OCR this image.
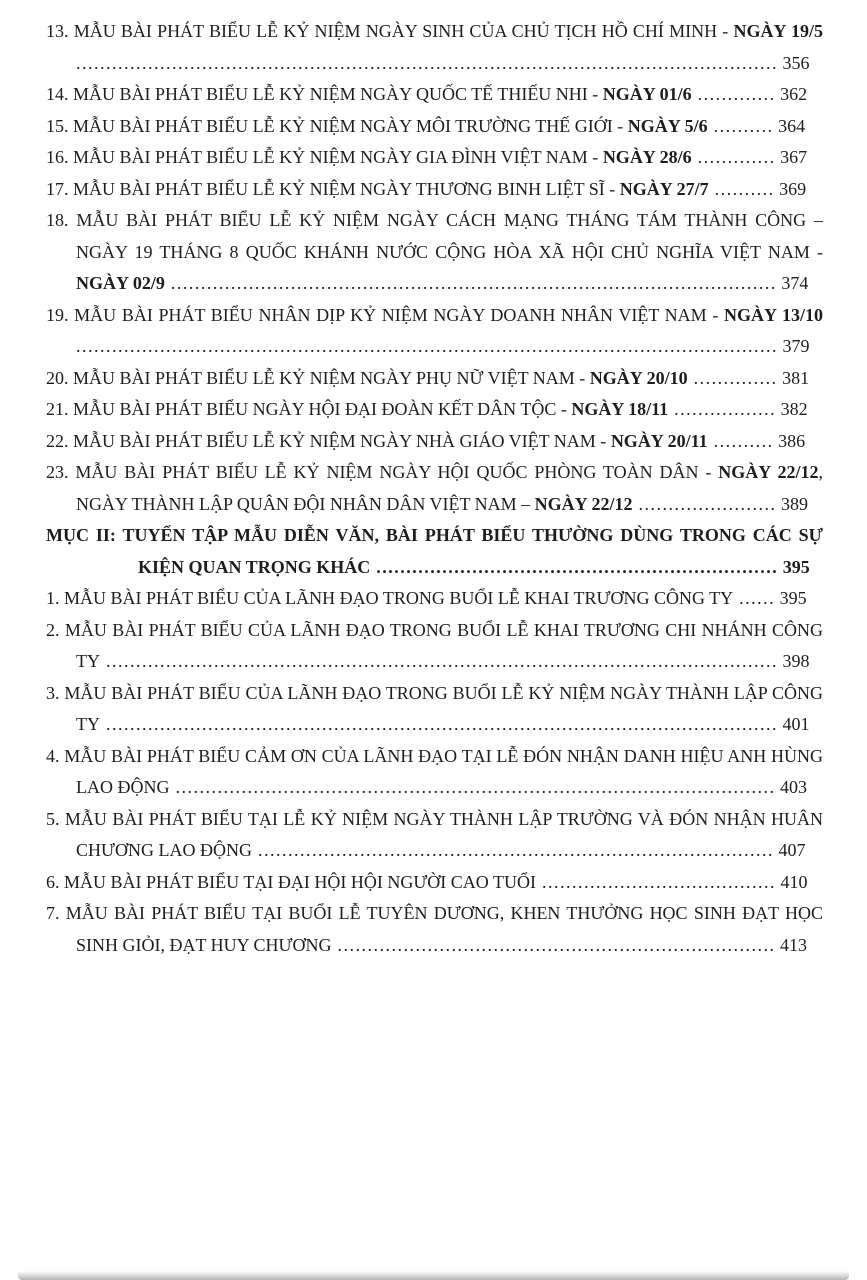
13. MẪU BÀI PHÁT BIỂU LỄ KỶ NIỆM NGÀY SINH CỦA CHỦ TỊCH HỒ CHÍ MINH - NGÀY 19/5 ..................................................................................................................... 356
14. MẪU BÀI PHÁT BIỂU LỄ KỶ NIỆM NGÀY QUỐC TẾ THIẾU NHI - NGÀY 01/6 ............. 362
15. MẪU BÀI PHÁT BIỂU LỄ KỶ NIỆM NGÀY MÔI TRƯỜNG THẾ GIỚI - NGÀY 5/6 .......... 364
16. MẪU BÀI PHÁT BIỂU LỄ KỶ NIỆM NGÀY GIA ĐÌNH VIỆT NAM - NGÀY 28/6 ............. 367
17. MẪU BÀI PHÁT BIỂU LỄ KỶ NIỆM NGÀY THƯƠNG BINH LIỆT SĨ - NGÀY 27/7 .......... 369
18. MẪU BÀI PHÁT BIỂU LỄ KỶ NIỆM NGÀY CÁCH MẠNG THÁNG TÁM THÀNH CÔNG – NGÀY 19 THÁNG 8 QUỐC KHÁNH NƯỚC CỘNG HÒA XÃ HỘI CHỦ NGHĨA VIỆT NAM - NGÀY 02/9 ..................................................................................................... 374
19. MẪU BÀI PHÁT BIỂU NHÂN DỊP KỶ NIỆM NGÀY DOANH NHÂN VIỆT NAM - NGÀY 13/10 ..................................................................................................................... 379
20. MẪU BÀI PHÁT BIỂU LỄ KỶ NIỆM NGÀY PHỤ NỮ VIỆT NAM - NGÀY 20/10 .............. 381
21. MẪU BÀI PHÁT BIỂU NGÀY HỘI ĐẠI ĐOÀN KẾT DÂN TỘC - NGÀY 18/11 ................. 382
22. MẪU BÀI PHÁT BIỂU LỄ KỶ NIỆM NGÀY NHÀ GIÁO VIỆT NAM - NGÀY 20/11 .......... 386
23. MẪU BÀI PHÁT BIỂU LỄ KỶ NIỆM NGÀY HỘI QUỐC PHÒNG TOÀN DÂN - NGÀY 22/12, NGÀY THÀNH LẬP QUÂN ĐỘI NHÂN DÂN VIỆT NAM – NGÀY 22/12 ....................... 389
MỤC II: TUYỂN TẬP MẪU DIỄN VĂN, BÀI PHÁT BIỂU THƯỜNG DÙNG TRONG CÁC SỰ KIỆN QUAN TRỌNG KHÁC ................................................................... 395
1. MẪU BÀI PHÁT BIỂU CỦA LÃNH ĐẠO TRONG BUỔI LỄ KHAI TRƯƠNG CÔNG TY ...... 395
2. MẪU BÀI PHÁT BIỂU CỦA LÃNH ĐẠO TRONG BUỔI LỄ KHAI TRƯƠNG CHI NHÁNH CÔNG TY ................................................................................................................ 398
3. MẪU BÀI PHÁT BIỂU CỦA LÃNH ĐẠO TRONG BUỔI LỄ KỶ NIỆM NGÀY THÀNH LẬP CÔNG TY ................................................................................................................ 401
4. MẪU BÀI PHÁT BIỂU CẢM ƠN CỦA LÃNH ĐẠO TẠI LỄ ĐÓN NHẬN DANH HIỆU ANH HÙNG LAO ĐỘNG .................................................................................................... 403
5. MẪU BÀI PHÁT BIỂU TẠI LỄ KỶ NIỆM NGÀY THÀNH LẬP TRƯỜNG VÀ ĐÓN NHẬN HUÂN CHƯƠNG LAO ĐỘNG ...................................................................................... 407
6. MẪU BÀI PHÁT BIỂU TẠI ĐẠI HỘI HỘI NGƯỜI CAO TUỔI ....................................... 410
7. MẪU BÀI PHÁT BIỂU TẠI BUỔI LỄ TUYÊN DƯƠNG, KHEN THƯỞNG HỌC SINH ĐẠT HỌC SINH GIỎI, ĐẠT HUY CHƯƠNG ......................................................................... 413
